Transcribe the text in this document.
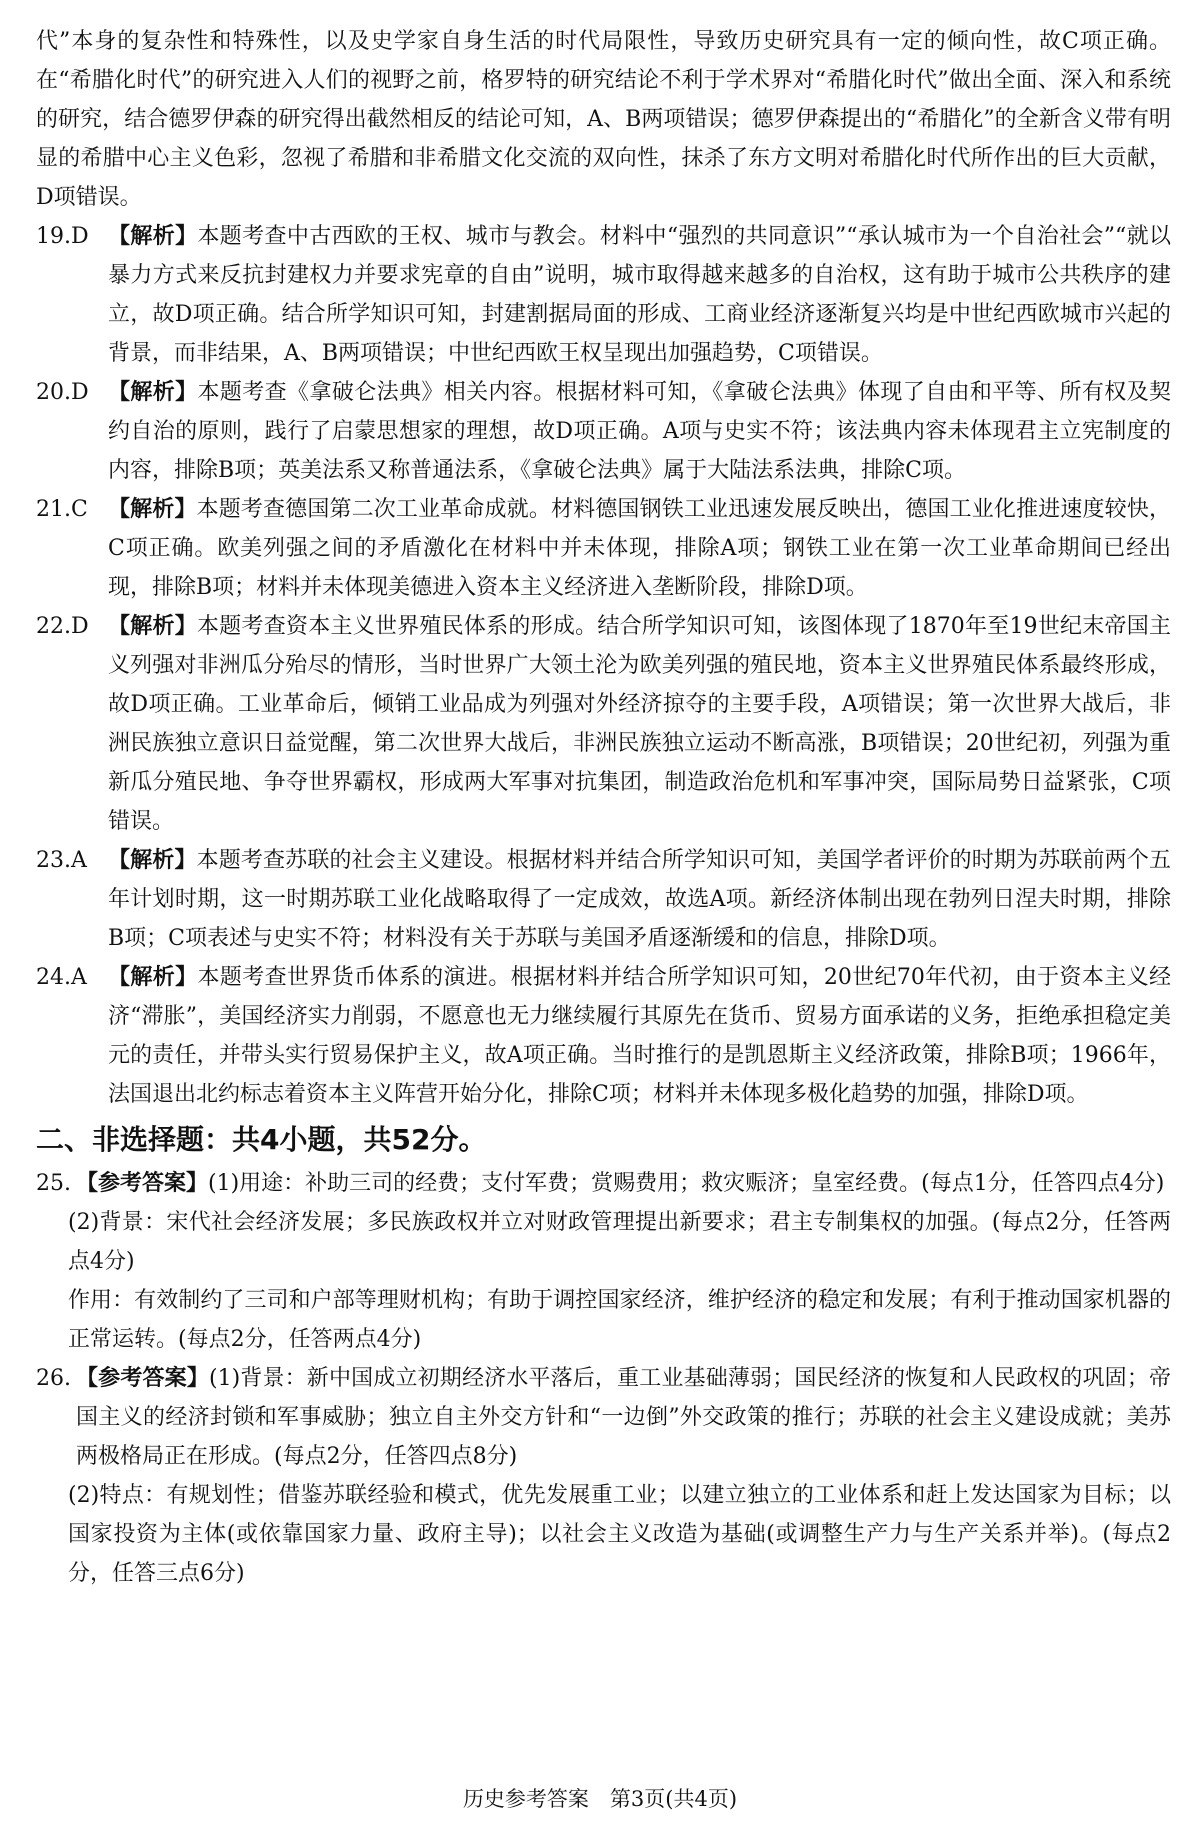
代”本身的复杂性和特殊性，以及史学家自身生活的时代局限性，导致历史研究具有一定的倾向性，故C项正确。在“希腊化时代”的研究进入人们的视野之前，格罗特的研究结论不利于学术界对“希腊化时代”做出全面、深入和系统的研究，结合德罗伊森的研究得出截然相反的结论可知，A、B两项错误；德罗伊森提出的“希腊化”的全新含义带有明显的希腊中心主义色彩，忽视了希腊和非希腊文化交流的双向性，抹杀了东方文明对希腊化时代所作出的巨大贡献，D项错误。

19.D 【解析】本题考查中古西欧的王权、城市与教会。材料中“强烈的共同意识”“承认城市为一个自治社会”“就以暴力方式来反抗封建权力并要求宪章的自由”说明，城市取得越来越多的自治权，这有助于城市公共秩序的建立，故D项正确。结合所学知识可知，封建割据局面的形成、工商业经济逐渐复兴均是中世纪西欧城市兴起的背景，而非结果，A、B两项错误；中世纪西欧王权呈现出加强趋势，C项错误。
20.D 【解析】本题考查《拿破仑法典》相关内容。根据材料可知，《拿破仑法典》体现了自由和平等、所有权及契约自治的原则，践行了启蒙思想家的理想，故D项正确。A项与史实不符；该法典内容未体现君主立宪制度的内容，排除B项；英美法系又称普通法系，《拿破仑法典》属于大陆法系法典，排除C项。
21.C 【解析】本题考查德国第二次工业革命成就。材料德国钢铁工业迅速发展反映出，德国工业化推进速度较快，C项正确。欧美列强之间的矛盾激化在材料中并未体现，排除A项；钢铁工业在第一次工业革命期间已经出现，排除B项；材料并未体现美德进入资本主义经济进入垄断阶段，排除D项。
22.D 【解析】本题考查资本主义世界殖民体系的形成。结合所学知识可知，该图体现了1870年至19世纪末帝国主义列强对非洲瓜分殆尽的情形，当时世界广大领土沦为欧美列强的殖民地，资本主义世界殖民体系最终形成，故D项正确。工业革命后，倾销工业品成为列强对外经济掠夺的主要手段，A项错误；第一次世界大战后，非洲民族独立意识日益觉醒，第二次世界大战后，非洲民族独立运动不断高涨，B项错误；20世纪初，列强为重新瓜分殖民地、争夺世界霸权，形成两大军事对抗集团，制造政治危机和军事冲突，国际局势日益紧张，C项错误。
23.A 【解析】本题考查苏联的社会主义建设。根据材料并结合所学知识可知，美国学者评价的时期为苏联前两个五年计划时期，这一时期苏联工业化战略取得了一定成效，故选A项。新经济体制出现在勃列日涅夫时期，排除B项；C项表述与史实不符；材料没有关于苏联与美国矛盾逐渐缓和的信息，排除D项。
24.A 【解析】本题考查世界货币体系的演进。根据材料并结合所学知识可知，20世纪70年代初，由于资本主义经济“滞胀”，美国经济实力削弱，不愿意也无力继续履行其原先在货币、贸易方面承诺的义务，拒绝承担稳定美元的责任，并带头实行贸易保护主义，故A项正确。当时推行的是凯恩斯主义经济政策，排除B项；1966年，法国退出北约标志着资本主义阵营开始分化，排除C项；材料并未体现多极化趋势的加强，排除D项。
二、非选择题：共4小题，共52分。
25. 【参考答案】(1)用途：补助三司的经费；支付军费；赏赐费用；救灾赈济；皇室经费。(每点1分，任答四点4分)

(2)背景：宋代社会经济发展；多民族政权并立对财政管理提出新要求；君主专制集权的加强。(每点2分，任答两点4分)

作用：有效制约了三司和户部等理财机构；有助于调控国家经济，维护经济的稳定和发展；有利于推动国家机器的正常运转。(每点2分，任答两点4分)

26. 【参考答案】(1)背景：新中国成立初期经济水平落后，重工业基础薄弱；国民经济的恢复和人民政权的巩固；帝国主义的经济封锁和军事威胁；独立自主外交方针和“一边倒”外交政策的推行；苏联的社会主义建设成就；美苏两极格局正在形成。(每点2分，任答四点8分)

(2)特点：有规划性；借鉴苏联经验和模式，优先发展重工业；以建立独立的工业体系和赶上发达国家为目标；以国家投资为主体(或依靠国家力量、政府主导)；以社会主义改造为基础(或调整生产力与生产关系并举)。(每点2分，任答三点6分)

历史参考答案　第3页(共4页)
